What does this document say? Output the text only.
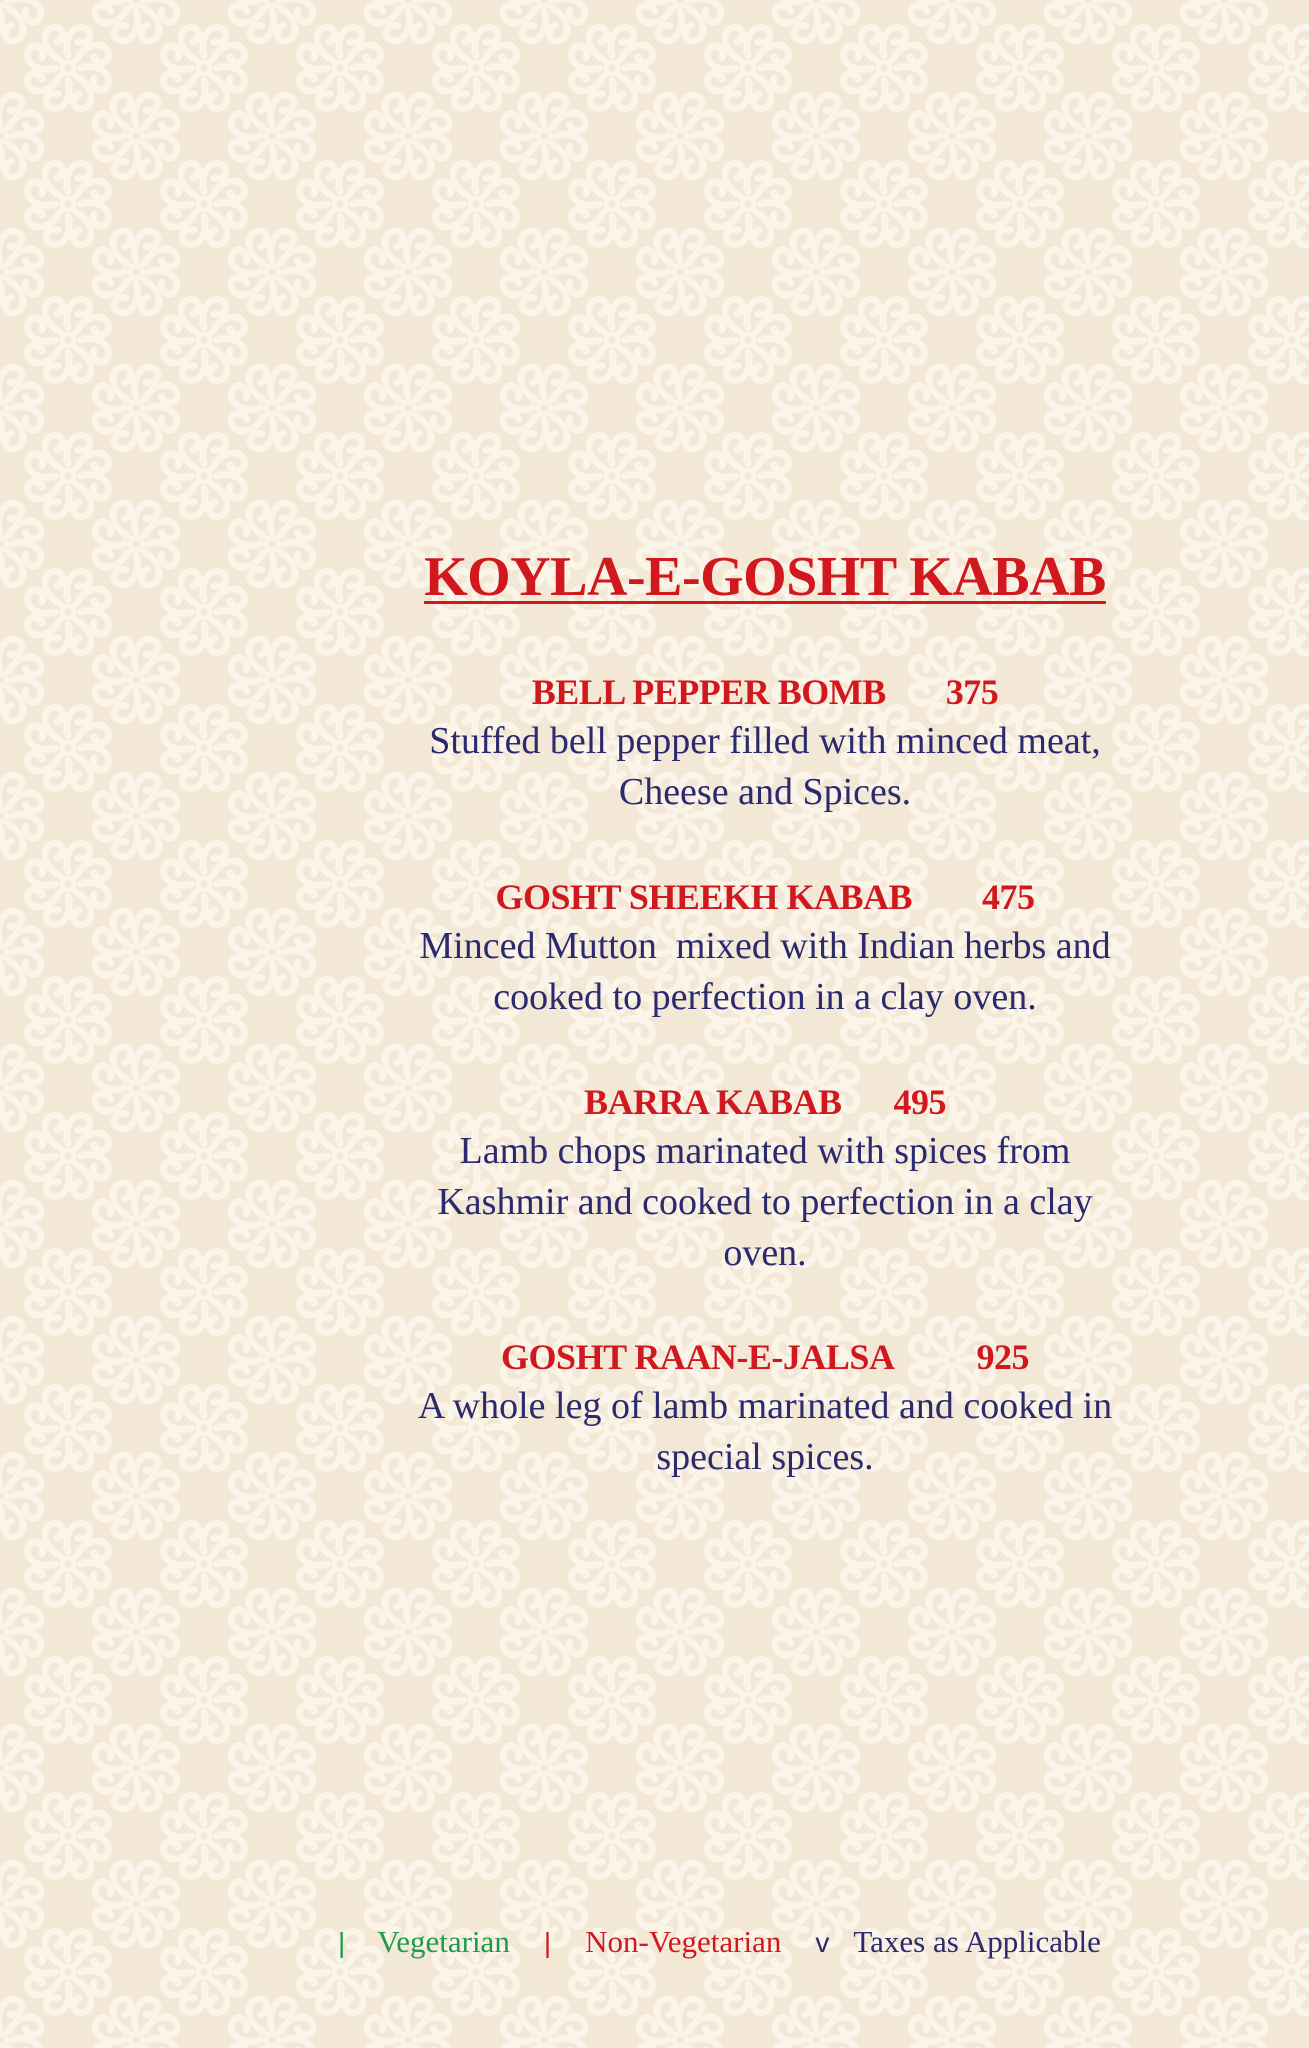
KOYLA-E-GOSHT KABAB
BELL PEPPER BOMB 375
Stuffed bell pepper filled with minced meat,
Cheese and Spices.
GOSHT SHEEKH KABAB 475
Minced Mutton  mixed with Indian herbs and
cooked to perfection in a clay oven.
BARRA KABAB 495
Lamb chops marinated with spices from
Kashmir and cooked to perfection in a clay
oven.
GOSHT RAAN-E-JALSA 925
A whole leg of lamb marinated and cooked in
special spices.
| Vegetarian | Non-Vegetarian v Taxes as Applicable
